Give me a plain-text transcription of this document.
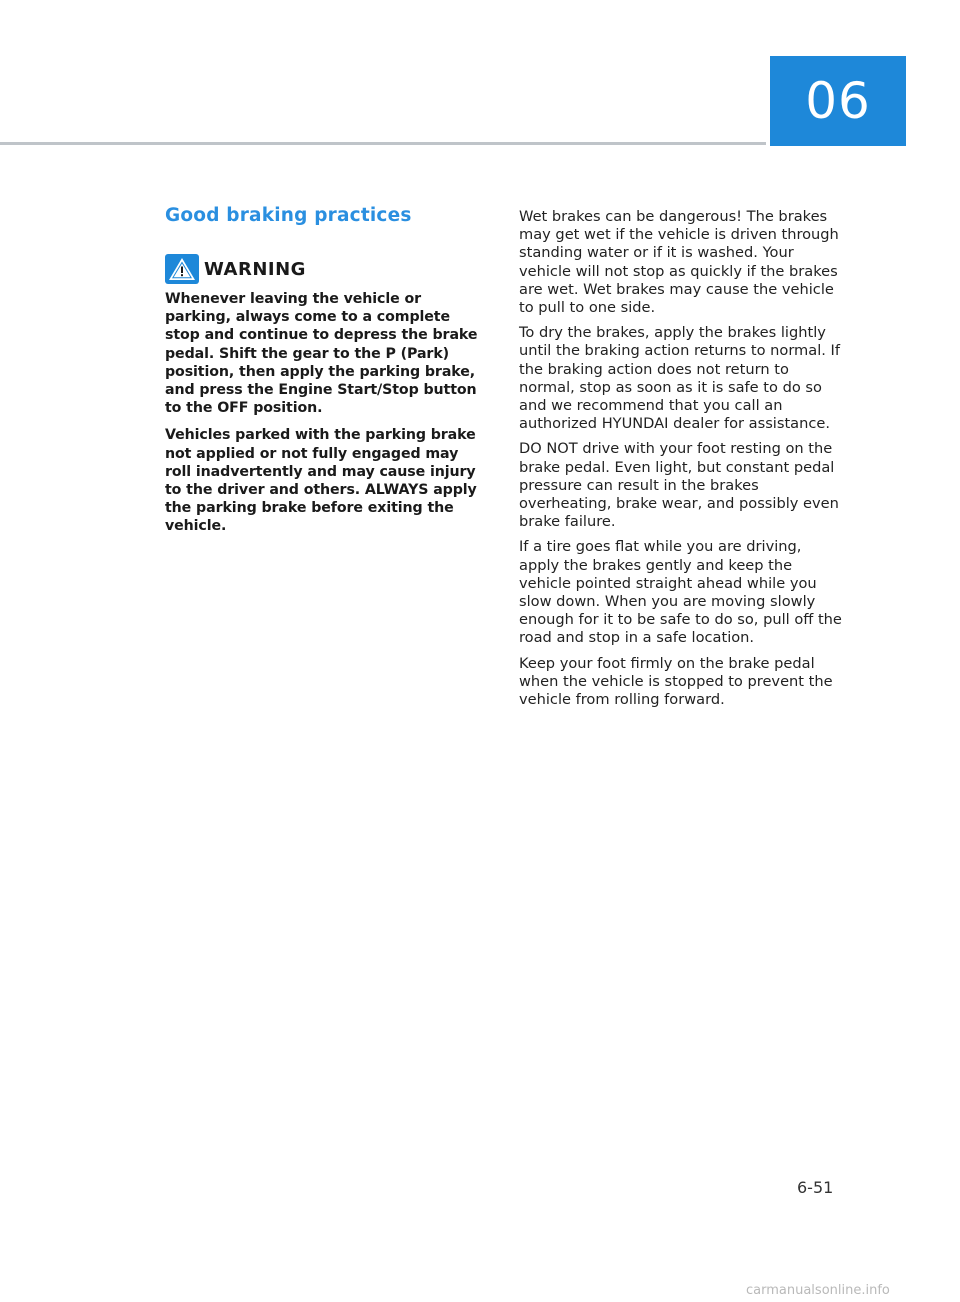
06
Good braking practices
WARNING

Whenever leaving the vehicle or parking, always come to a complete stop and continue to depress the brake pedal. Shift the gear to the P (Park) position, then apply the parking brake, and press the Engine Start/Stop button to the OFF position.

Vehicles parked with the parking brake not applied or not fully engaged may roll inadvertently and may cause injury to the driver and others. ALWAYS apply the parking brake before exiting the vehicle.

Wet brakes can be dangerous! The brakes may get wet if the vehicle is driven through standing water or if it is washed. Your vehicle will not stop as quickly if the brakes are wet. Wet brakes may cause the vehicle to pull to one side.

To dry the brakes, apply the brakes lightly until the braking action returns to normal. If the braking action does not return to normal, stop as soon as it is safe to do so and we recommend that you call an authorized HYUNDAI dealer for assistance.

DO NOT drive with your foot resting on the brake pedal. Even light, but constant pedal pressure can result in the brakes overheating, brake wear, and possibly even brake failure.

If a tire goes flat while you are driving, apply the brakes gently and keep the vehicle pointed straight ahead while you slow down. When you are moving slowly enough for it to be safe to do so, pull off the road and stop in a safe location.

Keep your foot firmly on the brake pedal when the vehicle is stopped to prevent the vehicle from rolling forward.

6-51
carmanualsonline.info
